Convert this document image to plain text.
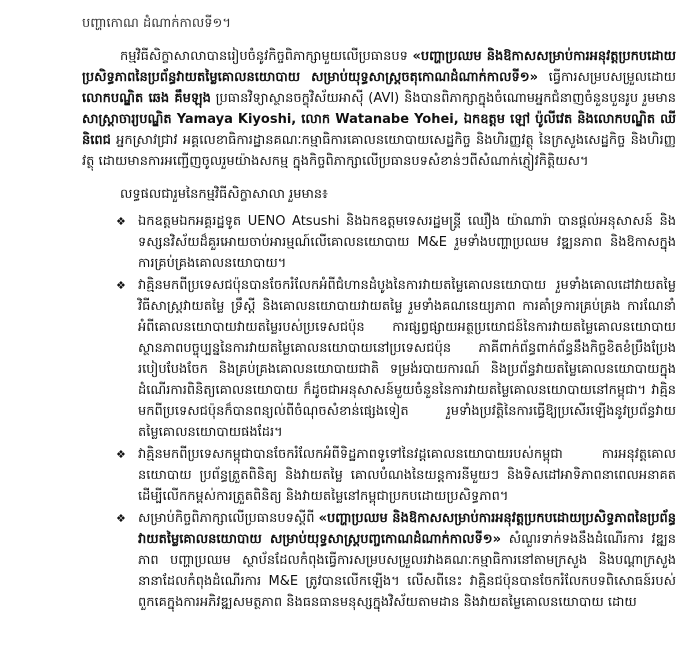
បញ្ហាកោណ ដំណាក់កាលទី១។

កម្មវិធីសិក្ខាសាលាបានរៀបចំនូវកិច្ចពិភាក្សាមួយលើប្រធានបទ «បញ្ហាប្រឈម និងឱកាសសម្រាប់ការអនុវត្តប្រកបដោយប្រសិទ្ធភាពនៃប្រព័ន្ធវាយតម្លៃគោលនយោបាយ សម្រាប់យុទ្ធសាស្ត្រចតុកោណដំណាក់កាលទី១» ធ្វើការសម្របសម្រួលដោយលោកបណ្ឌិត ឆេង គឹមឡុង ប្រធានវិទ្យាស្ថានចក្ខុវិស័យអាស៊ី (AVI) និងបានពិភាក្សាក្នុងចំណោមអ្នកជំនាញចំនួនបួនរូប រួមមានសាស្ត្រាចារ្យបណ្ឌិត Yamaya Kiyoshi, លោក Watanabe Yohei, ឯកឧត្តម ឡៅ ប៉ូលីវេត និងលោកបណ្ឌិត ឈី និពេជ អ្នកស្រាវជ្រាវ អគ្គលេខាធិការដ្ឋានគណៈកម្មាធិការគោលនយោបាយសេដ្ឋកិច្ច និងហិរញ្ញវត្ថុ នៃក្រសួងសេដ្ឋកិច្ច និងហិរញ្ញវត្ថុ ដោយមានការអញ្ជើញចូលរួមយ៉ាងសកម្ម ក្នុងកិច្ចពិភាក្សាលើប្រធានបទសំខាន់ៗពីសំណាក់ភ្ញៀវកិត្តិយស។

លទ្ធផលជារួមនៃកម្មវិធីសិក្ខាសាលា រួមមាន៖

❖ ឯកឧត្តមឯកអគ្គរដ្ឋទូត UENO Atsushi និងឯកឧត្តមទេសរដ្ឋមន្ត្រី ឈឿង យ៉ាណារ៉ា បានផ្តល់អនុសាសន៍ និងទស្សនវិស័យដ៏គួរអោយចាប់អារម្មណ៍លើគោលនយោបាយ M&E រួមទាំងបញ្ហាប្រឈម វឌ្ឍនភាព និងឱកាសក្នុងការគ្រប់គ្រងគោលនយោបាយ។
❖ វាគ្មិនមកពីប្រទេសជប៉ុនបានចែករំលែកអំពីជំហានដំបូងនៃការវាយតម្លៃគោលនយោបាយ រួមទាំងគោលដៅវាយតម្លៃ វិធីសាស្ត្រវាយតម្លៃ ទ្រឹស្តី និងគោលនយោបាយវាយតម្លៃ រួមទាំងគណនេយ្យភាព ការគាំទ្រការគ្រប់គ្រង ការណែនាំអំពីគោលនយោបាយវាយតម្លៃរបស់ប្រទេសជប៉ុន ការផ្សព្វផ្សាយអត្ថប្រយោជន៍នៃការវាយតម្លៃគោលនយោបាយ ស្ថានភាពបច្ចុប្បន្ននៃការវាយតម្លៃគោលនយោបាយនៅប្រទេសជប៉ុន ភាគីពាក់ព័ន្ធពាក់ព័ន្ធនឹងកិច្ចខិតខំប្រឹងប្រែងរបៀបបែងចែក និងគ្រប់គ្រងគោលនយោបាយជាតិ ទម្រង់របាយការណ៍ និងប្រព័ន្ធវាយតម្លៃគោលនយោបាយក្នុងដំណើរការពិនិត្យគោលនយោបាយ ក៏ដូចជាអនុសាសន៍មួយចំនួននៃការវាយតម្លៃគោលនយោបាយនៅកម្ពុជា។ វាគ្មិនមកពីប្រទេសជប៉ុនក៏បានពន្យល់ពីចំណុចសំខាន់ផ្សេងទៀត រួមទាំងប្រវត្តិនៃការធ្វើឱ្យប្រសើរឡើងនូវប្រព័ន្ធវាយតម្លៃគោលនយោបាយផងដែរ។
❖ វាគ្មិនមកពីប្រទេសកម្ពុជាបានចែករំលែកអំពីទិដ្ឋភាពទូទៅនៃវដ្តគោលនយោបាយរបស់កម្ពុជា ការអនុវត្តគោលនយោបាយ ប្រព័ន្ធត្រួតពិនិត្យ និងវាយតម្លៃ គោលបំណងនៃយន្តការនីមួយៗ និងទិសដៅអាទិភាពនាពេលអនាគត ដើម្បីលើកកម្ពស់ការត្រួតពិនិត្យ និងវាយតម្លៃនៅកម្ពុជាប្រកបដោយប្រសិទ្ធភាព។
❖ សម្រាប់កិច្ចពិភាក្សាលើប្រធានបទស្តីពី «បញ្ហាប្រឈម និងឱកាសសម្រាប់ការអនុវត្តប្រកបដោយប្រសិទ្ធភាពនៃប្រព័ន្ធវាយតម្លៃគោលនយោបាយ សម្រាប់យុទ្ធសាស្ត្របញ្ចកោណដំណាក់កាលទី១» សំណួរទាក់ទងនឹងដំណើរការ វឌ្ឍនភាព បញ្ហាប្រឈម ស្ថាប័នដែលកំពុងធ្វើការសម្របសម្រួលរវាងគណៈកម្មាធិការនៅតាមក្រសួង និងបណ្តាក្រសួងនានាដែលកំពុងដំណើរការ M&E ត្រូវបានលើកឡើង។ លើសពីនេះ វាគ្មិនជប៉ុនបានចែករំលែកបទពិសោធន៍របស់ពួកគេក្នុងការអភិវឌ្ឍសមត្ថភាព និងធនធានមនុស្សក្នុងវិស័យតាមដាន និងវាយតម្លៃគោលនយោបាយ ដោយ
